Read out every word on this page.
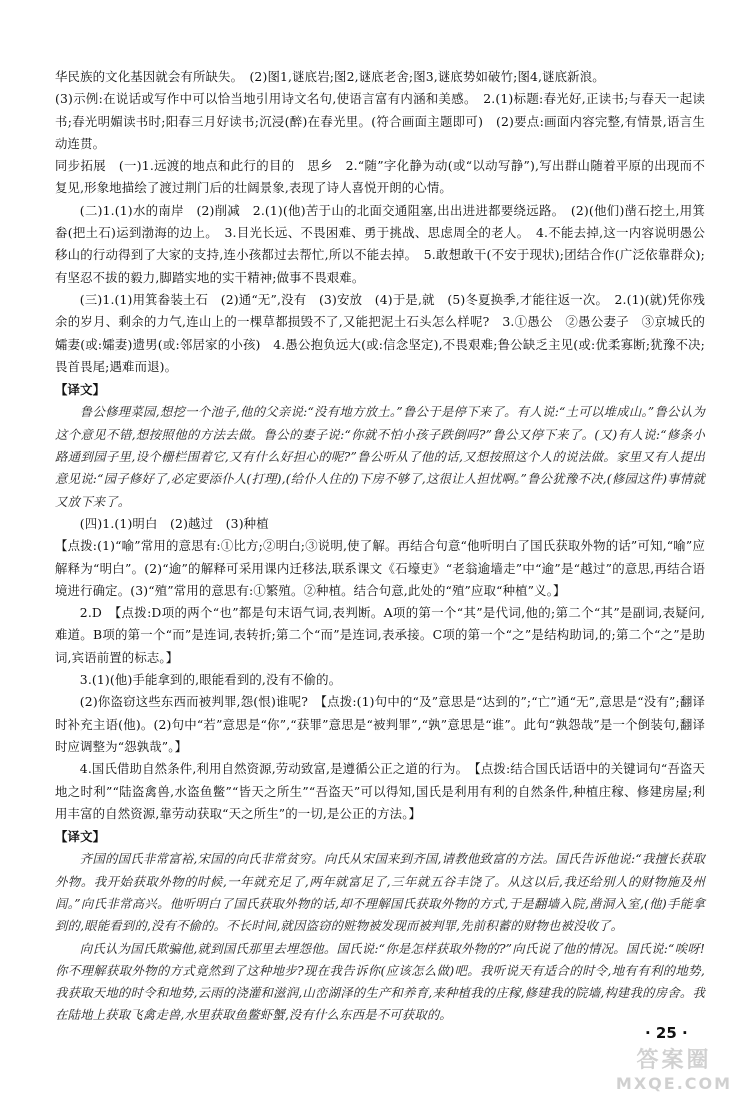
华民族的文化基因就会有所缺失。　(2)图1,谜底岩;图2,谜底老舍;图3,谜底势如破竹;图4,谜底新浪。

(3)示例:在说话或写作中可以恰当地引用诗文名句,使语言富有内涵和美感。　2.(1)标题:春光好,正读书;与春天一起读书;春光明媚读书时;阳春三月好读书;沉浸(醉)在春光里。(符合画面主题即可)　(2)要点:画面内容完整,有情景,语言生动连贯。

同步拓展　(一)1.远渡的地点和此行的目的　思乡　2.“随”字化静为动(或“以动写静”),写出群山随着平原的出现而不复见,形象地描绘了渡过荆门后的壮阔景象,表现了诗人喜悦开朗的心情。

(二)1.(1)水的南岸　(2)削减　2.(1)(他)苦于山的北面交通阻塞,出出进进都要绕远路。　(2)(他们)凿石挖土,用箕畚(把土石)运到渤海的边上。　3.目光长远、不畏困难、勇于挑战、思虑周全的老人。　4.不能去掉,这一内容说明愚公移山的行动得到了大家的支持,连小孩都过去帮忙,所以不能去掉。　5.敢想敢干(不安于现状);团结合作(广泛依靠群众);有坚忍不拔的毅力,脚踏实地的实干精神;做事不畏艰难。

(三)1.(1)用箕畚装土石　(2)通“无”,没有　(3)安放　(4)于是,就　(5)冬夏换季,才能往返一次。　2.(1)(就)凭你残余的岁月、剩余的力气,连山上的一棵草都损毁不了,又能把泥土石头怎么样呢?　3.①愚公　②愚公妻子　③京城氏的孀妻(或:孀妻)遗男(或:邻居家的小孩)　4.愚公抱负远大(或:信念坚定),不畏艰难;鲁公缺乏主见(或:优柔寡断;犹豫不决;畏首畏尾;遇难而退)。

【译文】

鲁公修理菜园,想挖一个池子,他的父亲说:“没有地方放土。”鲁公于是停下来了。有人说:“土可以堆成山。”鲁公认为这个意见不错,想按照他的方法去做。鲁公的妻子说:“你就不怕小孩子跌倒吗?”鲁公又停下来了。(又)有人说:“修条小路通到园子里,设个栅栏围着它,又有什么好担心的呢?”鲁公听从了他的话,又想按照这个人的说法做。家里又有人提出意见说:“园子修好了,必定要添仆人(打理),(给仆人住的)下房不够了,这很让人担忧啊。”鲁公犹豫不决,(修园这件)事情就又放下来了。

(四)1.(1)明白　(2)越过　(3)种植

【点拨:(1)“喻”常用的意思有:①比方;②明白;③说明,使了解。再结合句意“他听明白了国氏获取外物的话”可知,“喻”应解释为“明白”。(2)“逾”的解释可采用课内迁移法,联系课文《石壕吏》“老翁逾墙走”中“逾”是“越过”的意思,再结合语境进行确定。(3)“殖”常用的意思有:①繁殖。②种植。结合句意,此处的“殖”应取“种植”义。】

2.D　【点拨:D项的两个“也”都是句末语气词,表判断。A项的第一个“其”是代词,他的;第二个“其”是副词,表疑问,难道。B项的第一个“而”是连词,表转折;第二个“而”是连词,表承接。C项的第一个“之”是结构助词,的;第二个“之”是助词,宾语前置的标志。】

3.(1)(他)手能拿到的,眼能看到的,没有不偷的。

(2)你盗窃这些东西而被判罪,怨(恨)谁呢?　【点拨:(1)句中的“及”意思是“达到的”;“亡”通“无”,意思是“没有”;翻译时补充主语(他)。(2)句中“若”意思是“你”,“获罪”意思是“被判罪”,“孰”意思是“谁”。此句“孰怨哉”是一个倒装句,翻译时应调整为“怨孰哉”。】

4.国氏借助自然条件,利用自然资源,劳动致富,是遵循公正之道的行为。　【点拨:结合国氏话语中的关键词句“吾盗天地之时利”“陆盗禽兽,水盗鱼鳖”“皆天之所生”“吾盗天”可以得知,国氏是利用有利的自然条件,种植庄稼、修建房屋;利用丰富的自然资源,靠劳动获取“天之所生”的一切,是公正的方法。】

【译文】

齐国的国氏非常富裕,宋国的向氏非常贫穷。向氏从宋国来到齐国,请教他致富的方法。国氏告诉他说:“我擅长获取外物。我开始获取外物的时候,一年就充足了,两年就富足了,三年就五谷丰饶了。从这以后,我还给别人的财物施及州闾。”向氏非常高兴。他听明白了国氏获取外物的话,却不理解国氏获取外物的方式,于是翻墙入院,凿洞入室,(他)手能拿到的,眼能看到的,没有不偷的。不长时间,就因盗窃的赃物被发现而被判罪,先前积蓄的财物也被没收了。

向氏认为国氏欺骗他,就到国氏那里去埋怨他。国氏说:“你是怎样获取外物的?”向氏说了他的情况。国氏说:“唉呀!你不理解获取外物的方式竟然到了这种地步?现在我告诉你(应该怎么做)吧。我听说天有适合的时令,地有有利的地势,我获取天地的时令和地势,云雨的浇灌和滋润,山峦湖泽的生产和养育,来种植我的庄稼,修建我的院墙,构建我的房舍。我在陆地上获取飞禽走兽,水里获取鱼鳖虾蟹,没有什么东西是不可获取的。

· 25 ·
答案圈
MXQE.COM
